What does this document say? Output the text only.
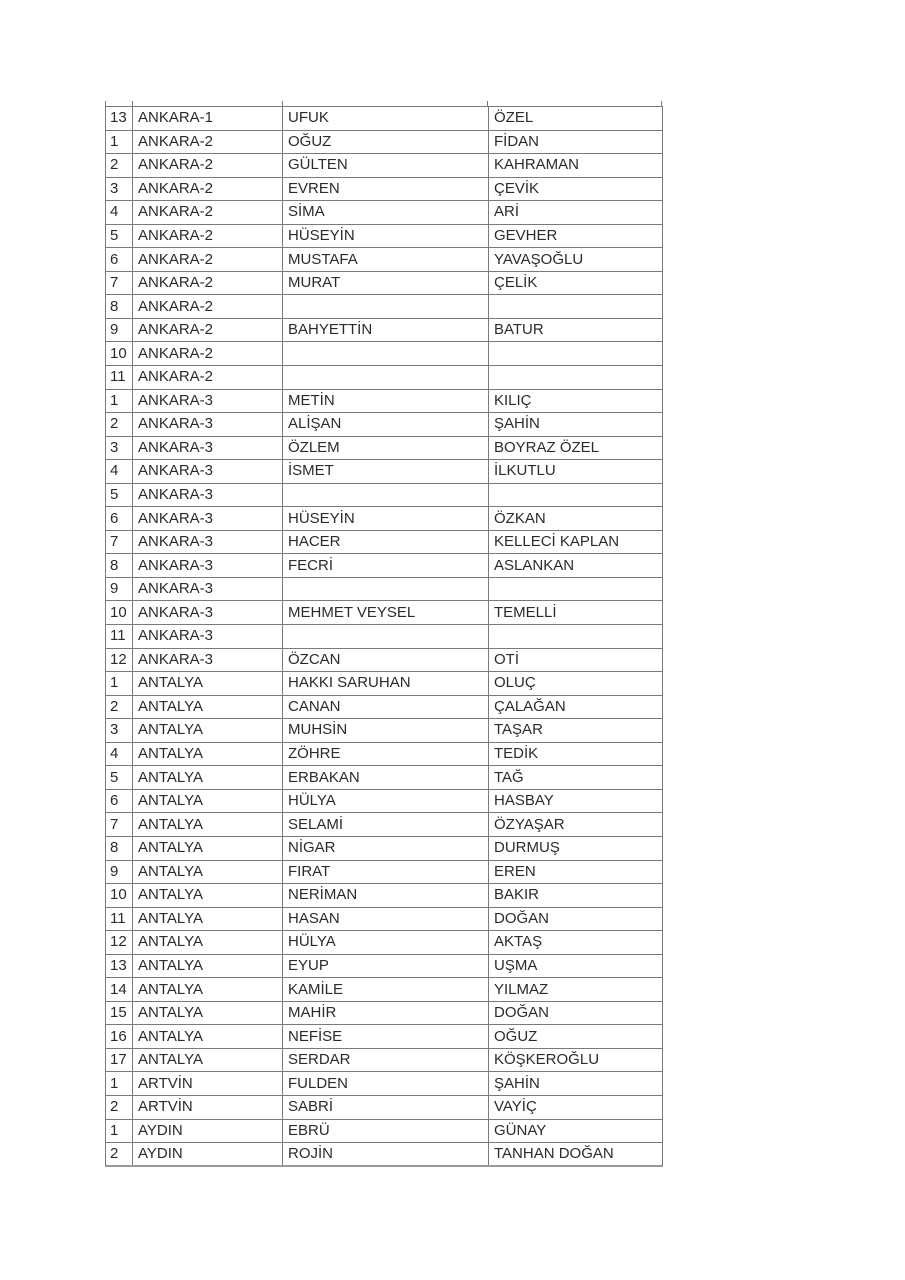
13	ANKARA-1	UFUK	ÖZEL
1	ANKARA-2	OĞUZ	FİDAN
2	ANKARA-2	GÜLTEN	KAHRAMAN
3	ANKARA-2	EVREN	ÇEVİK
4	ANKARA-2	SİMA	ARİ
5	ANKARA-2	HÜSEYİN	GEVHER
6	ANKARA-2	MUSTAFA	YAVAŞOĞLU
7	ANKARA-2	MURAT	ÇELİK
8	ANKARA-2		
9	ANKARA-2	BAHYETTİN	BATUR
10	ANKARA-2		
11	ANKARA-2		
1	ANKARA-3	METİN	KILIÇ
2	ANKARA-3	ALİŞAN	ŞAHİN
3	ANKARA-3	ÖZLEM	BOYRAZ ÖZEL
4	ANKARA-3	İSMET	İLKUTLU
5	ANKARA-3		
6	ANKARA-3	HÜSEYİN	ÖZKAN
7	ANKARA-3	HACER	KELLECİ KAPLAN
8	ANKARA-3	FECRİ	ASLANKAN
9	ANKARA-3		
10	ANKARA-3	MEHMET VEYSEL	TEMELLİ
11	ANKARA-3		
12	ANKARA-3	ÖZCAN	OTİ
1	ANTALYA	HAKKI SARUHAN	OLUÇ
2	ANTALYA	CANAN	ÇALAĞAN
3	ANTALYA	MUHSİN	TAŞAR
4	ANTALYA	ZÖHRE	TEDİK
5	ANTALYA	ERBAKAN	TAĞ
6	ANTALYA	HÜLYA	HASBAY
7	ANTALYA	SELAMİ	ÖZYAŞAR
8	ANTALYA	NİGAR	DURMUŞ
9	ANTALYA	FIRAT	EREN
10	ANTALYA	NERİMAN	BAKIR
11	ANTALYA	HASAN	DOĞAN
12	ANTALYA	HÜLYA	AKTAŞ
13	ANTALYA	EYUP	UŞMA
14	ANTALYA	KAMİLE	YILMAZ
15	ANTALYA	MAHİR	DOĞAN
16	ANTALYA	NEFİSE	OĞUZ
17	ANTALYA	SERDAR	KÖŞKEROĞLU
1	ARTVİN	FULDEN	ŞAHİN
2	ARTVİN	SABRİ	VAYİÇ
1	AYDIN	EBRÜ	GÜNAY
2	AYDIN	ROJİN	TANHAN DOĞAN
